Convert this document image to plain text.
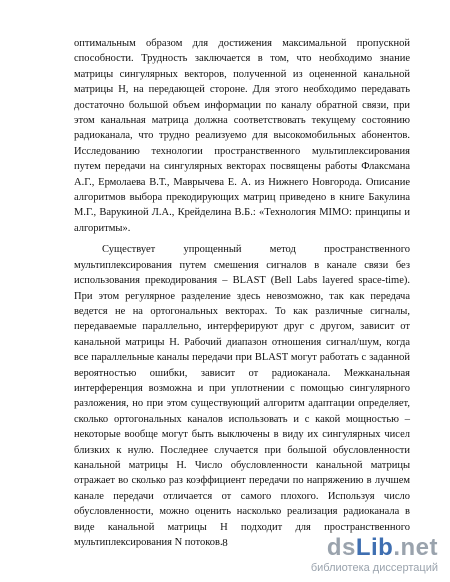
оптимальным образом для достижения максимальной пропускной способности. Трудность заключается в том, что необходимо знание матрицы сингулярных векторов, полученной из оцененной канальной матрицы H, на передающей стороне. Для этого необходимо передавать достаточно большой объем информации по каналу обратной связи, при этом канальная матрица должна соответствовать текущему состоянию радиоканала, что трудно реализуемо для высокомобильных абонентов. Исследованию технологии пространственного мультиплексирования путем передачи на сингулярных векторах посвящены работы Флаксмана А.Г., Ермолаева В.Т., Маврычева Е. А. из Нижнего Новгорода. Описание алгоритмов выбора прекодирующих матриц приведено в книге Бакулина М.Г., Варукиной Л.А., Крейделина В.Б.: «Технология MIMO: принципы и алгоритмы».

Существует упрощенный метод пространственного мультиплексирования путем смешения сигналов в канале связи без использования прекодирования – BLAST (Bell Labs layered space-time). При этом регулярное разделение здесь невозможно, так как передача ведется не на ортогональных векторах. То как различные сигналы, передаваемые параллельно, интерферируют друг с другом, зависит от канальной матрицы H. Рабочий диапазон отношения сигнал/шум, когда все параллельные каналы передачи при BLAST могут работать с заданной вероятностью ошибки, зависит от радиоканала. Межканальная интерференция возможна и при уплотнении с помощью сингулярного разложения, но при этом существующий алгоритм адаптации определяет, сколько ортогональных каналов использовать и с какой мощностью – некоторые вообще могут быть выключены в виду их сингулярных чисел близких к нулю. Последнее случается при большой обусловленности канальной матрицы H. Число обусловленности канальной матрицы отражает во сколько раз коэффициент передачи по напряжению в лучшем канале передачи отличается от самого плохого. Используя число обусловленности, можно оценить насколько реализация радиоканала в виде канальной матрицы H подходит для пространственного мультиплексирования N потоков. 8	dsLib.net
библиотека диссертаций
